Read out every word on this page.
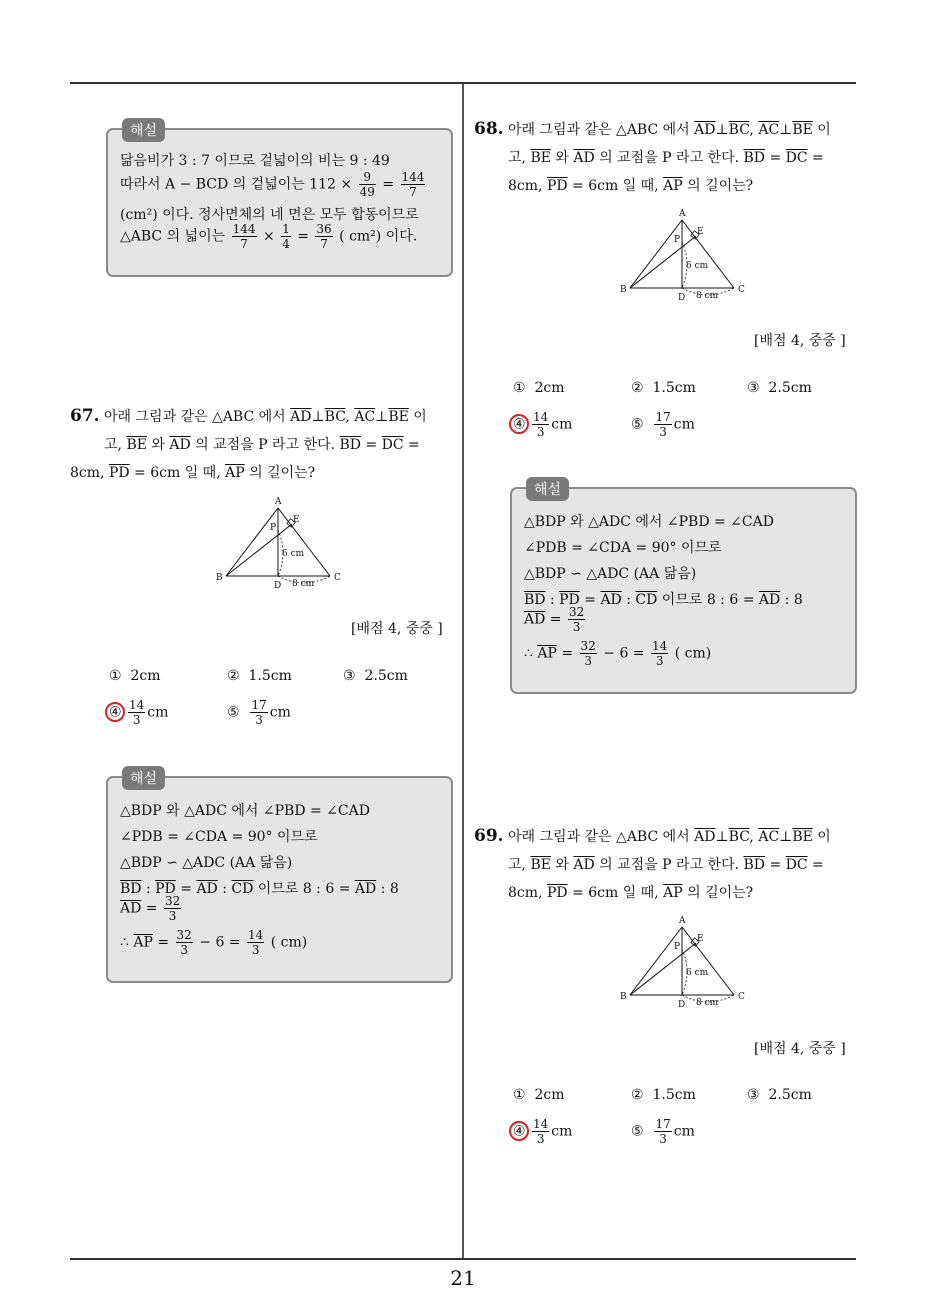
해설
닮음비가 3 : 7 이므로 겉넓이의 비는 9 : 49
따라서 A − BCD 의 겉넓이는 $112 \times \frac{9}{49} = \frac{144}{7}$
(cm²) 이다. 정사면체의 네 면은 모두 합동이므로
△ABC 의 넓이는 $\frac{144}{7} \times \frac{1}{4} = \frac{36}{7}$ ( cm²) 이다.
67. 아래 그림과 같은 △ABC 에서 $\overline{AD}\perp\overline{BC}$, $\overline{AC}\perp\overline{BE}$ 이
고, $\overline{BE}$ 와 $\overline{AD}$ 의 교점을 P 라고 한다. $\overline{BD} = \overline{DC}$ =
8cm, $\overline{PD} = 6cm$ 일 때, $\overline{AP}$ 의 길이는?
A
B	C
D
E
P
6 cm
8 cm
[배점 4, 중중 ]
① 2cm	② 1.5cm	③ 2.5cm
④ $\frac{14}{3}$ cm	⑤ $\frac{17}{3}$ cm
해설
△BDP 와 △ADC 에서 ∠PBD = ∠CAD
∠PDB = ∠CDA = 90° 이므로
△BDP ∽ △ADC (AA 닮음)
$\overline{BD}$ : $\overline{PD} = \overline{AD}$ : $\overline{CD}$ 이므로 8 : $6 = \overline{AD}$ : 8
$\overline{AD} = \frac{32}{3}$
∴ $\overline{AP} = \frac{32}{3} - 6 = \frac{14}{3}$ ( cm)
68. 아래 그림과 같은 △ABC 에서 $\overline{AD}\perp\overline{BC}$, $\overline{AC}\perp\overline{BE}$ 이
고, $\overline{BE}$ 와 $\overline{AD}$ 의 교점을 P 라고 한다. $\overline{BD} = \overline{DC}$ =
8cm, $\overline{PD} = 6cm$ 일 때, $\overline{AP}$ 의 길이는?
A
B	C
D
E
P
6 cm
8 cm
[배점 4, 중중 ]
① 2cm	② 1.5cm	③ 2.5cm
④ $\frac{14}{3}$ cm	⑤ $\frac{17}{3}$ cm
해설
△BDP 와 △ADC 에서 ∠PBD = ∠CAD
∠PDB = ∠CDA = 90° 이므로
△BDP ∽ △ADC (AA 닮음)
$\overline{BD}$ : $\overline{PD} = \overline{AD}$ : $\overline{CD}$ 이므로 8 : $6 = \overline{AD}$ : 8
$\overline{AD} = \frac{32}{3}$
∴ $\overline{AP} = \frac{32}{3} - 6 = \frac{14}{3}$ ( cm)
69. 아래 그림과 같은 △ABC 에서 $\overline{AD}\perp\overline{BC}$, $\overline{AC}\perp\overline{BE}$ 이
고, $\overline{BE}$ 와 $\overline{AD}$ 의 교점을 P 라고 한다. $\overline{BD} = \overline{DC}$ =
8cm, $\overline{PD} = 6cm$ 일 때, $\overline{AP}$ 의 길이는?
A
B	C
D
E
P
6 cm
8 cm
[배점 4, 중중 ]
① 2cm	② 1.5cm	③ 2.5cm
④ $\frac{14}{3}$ cm	⑤ $\frac{17}{3}$ cm
21
